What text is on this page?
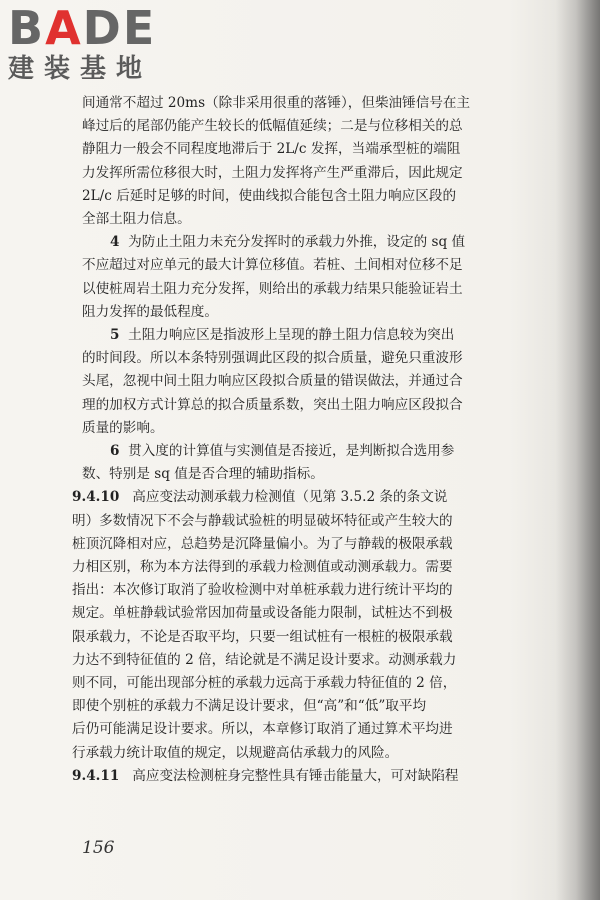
BADE
建装基地
间通常不超过 20ms（除非采用很重的落锤），但柴油锤信号在主
峰过后的尾部仍能产生较长的低幅值延续；二是与位移相关的总
静阻力一般会不同程度地滞后于 2L/c 发挥，当端承型桩的端阻
力发挥所需位移很大时，土阻力发挥将产生严重滞后，因此规定
2L/c 后延时足够的时间，使曲线拟合能包含土阻力响应区段的
全部土阻力信息。
4 为防止土阻力未充分发挥时的承载力外推，设定的 sq 值
不应超过对应单元的最大计算位移值。若桩、土间相对位移不足
以使桩周岩土阻力充分发挥，则给出的承载力结果只能验证岩土
阻力发挥的最低程度。
5 土阻力响应区是指波形上呈现的静土阻力信息较为突出
的时间段。所以本条特别强调此区段的拟合质量，避免只重波形
头尾，忽视中间土阻力响应区段拟合质量的错误做法，并通过合
理的加权方式计算总的拟合质量系数，突出土阻力响应区段拟合
质量的影响。
6 贯入度的计算值与实测值是否接近，是判断拟合选用参
数、特别是 sq 值是否合理的辅助指标。
9.4.10 高应变法动测承载力检测值（见第 3.5.2 条的条文说
明）多数情况下不会与静载试验桩的明显破坏特征或产生较大的
桩顶沉降相对应，总趋势是沉降量偏小。为了与静载的极限承载
力相区别，称为本方法得到的承载力检测值或动测承载力。需要
指出：本次修订取消了验收检测中对单桩承载力进行统计平均的
规定。单桩静载试验常因加荷量或设备能力限制，试桩达不到极
限承载力，不论是否取平均，只要一组试桩有一根桩的极限承载
力达不到特征值的 2 倍，结论就是不满足设计要求。动测承载力
则不同，可能出现部分桩的承载力远高于承载力特征值的 2 倍，
即使个别桩的承载力不满足设计要求，但“高”和“低”取平均
后仍可能满足设计要求。所以，本章修订取消了通过算术平均进
行承载力统计取值的规定，以规避高估承载力的风险。
9.4.11 高应变法检测桩身完整性具有锤击能量大，可对缺陷程
156
